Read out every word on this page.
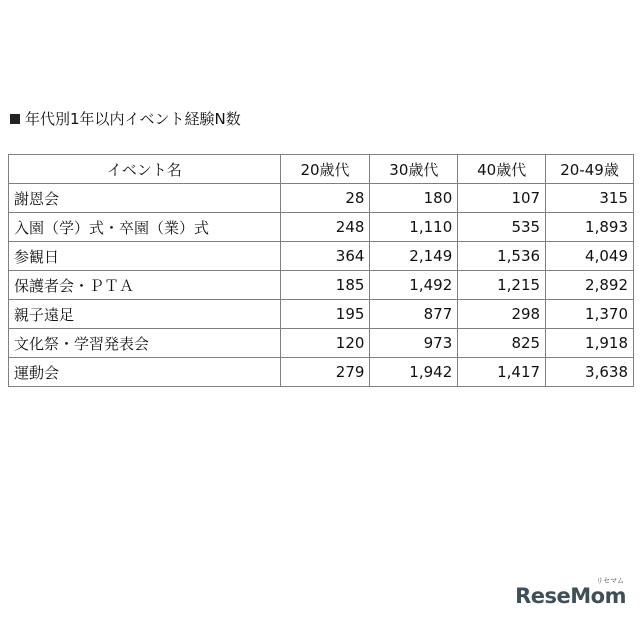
年代別1年以内イベント経験N数
イベント名	20歳代	30歳代	40歳代	20-49歳
謝恩会	28	180	107	315
入園（学）式・卒園（業）式	248	1,110	535	1,893
参観日	364	2,149	1,536	4,049
保護者会・ＰＴＡ	185	1,492	1,215	2,892
親子遠足	195	877	298	1,370
文化祭・学習発表会	120	973	825	1,918
運動会	279	1,942	1,417	3,638
リセマム
ReseMom
